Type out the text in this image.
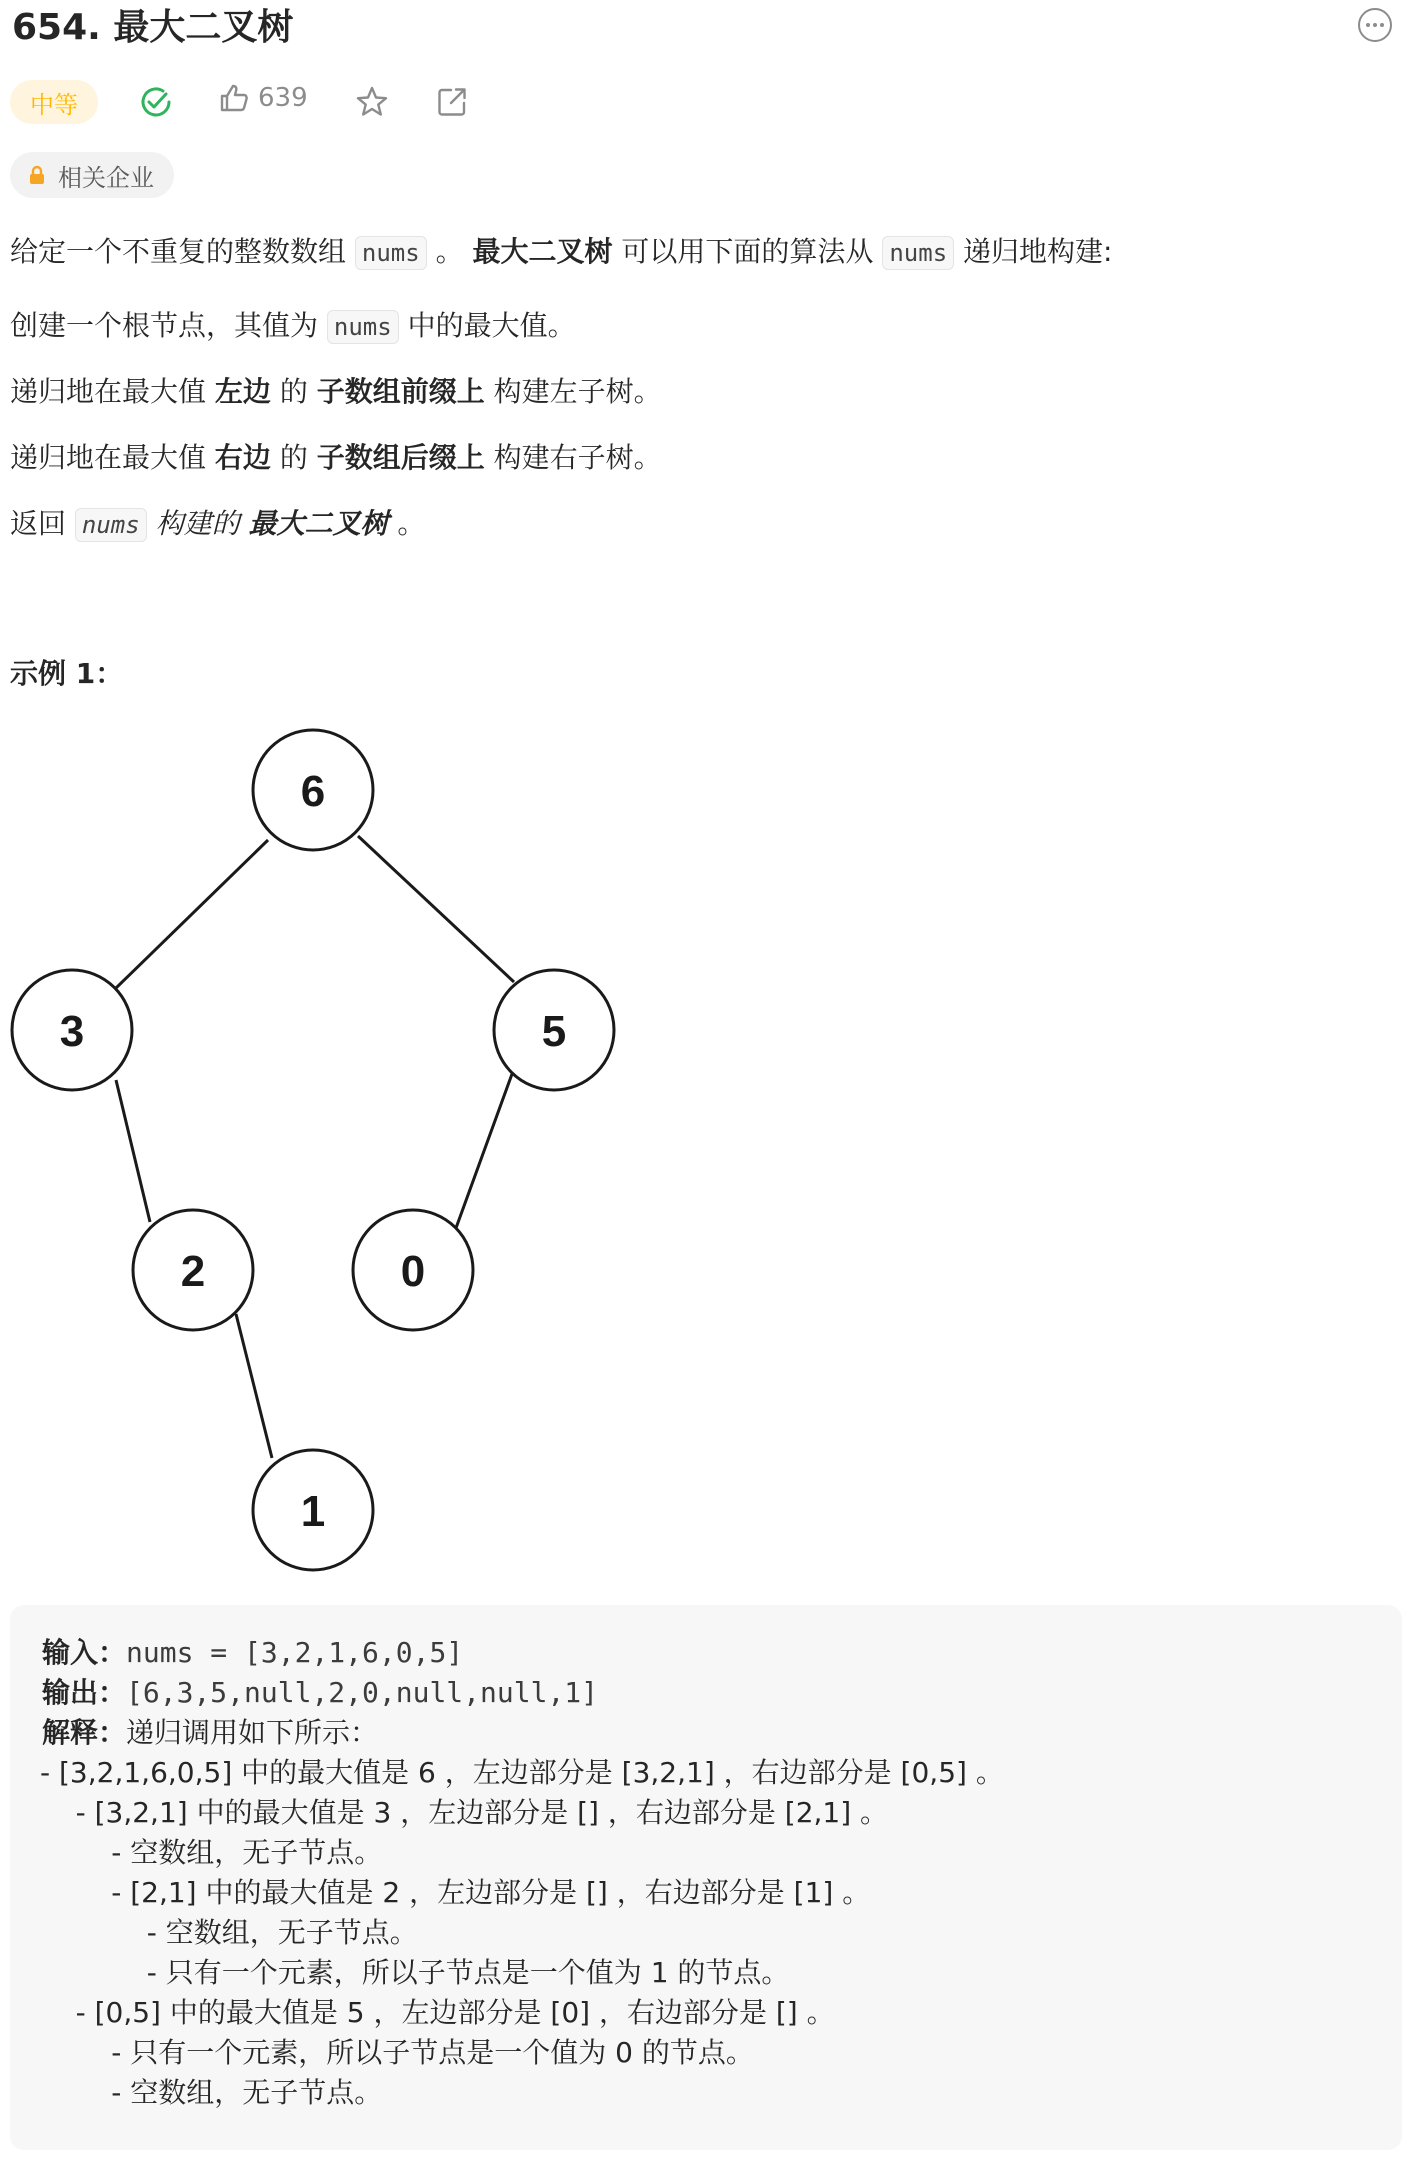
654. 最大二叉树
中等	639
相关企业

给定一个不重复的整数数组 nums 。 最大二叉树 可以用下面的算法从 nums 递归地构建:

创建一个根节点，其值为 nums 中的最大值。

递归地在最大值 左边 的 子数组前缀上 构建左子树。

递归地在最大值 右边 的 子数组后缀上 构建右子树。

返回 nums 构建的 最大二叉树 。

示例 1：
6
3	5
2	0
1
输入：nums = [3,2,1,6,0,5]
输出：[6,3,5,null,2,0,null,null,1]
解释：递归调用如下所示：
- [3,2,1,6,0,5] 中的最大值是 6 ，左边部分是 [3,2,1] ，右边部分是 [0,5] 。
- [3,2,1] 中的最大值是 3 ，左边部分是 [] ，右边部分是 [2,1] 。
- 空数组，无子节点。
- [2,1] 中的最大值是 2 ，左边部分是 [] ，右边部分是 [1] 。
- 空数组，无子节点。
- 只有一个元素，所以子节点是一个值为 1 的节点。
- [0,5] 中的最大值是 5 ，左边部分是 [0] ，右边部分是 [] 。
- 只有一个元素，所以子节点是一个值为 0 的节点。
- 空数组，无子节点。
